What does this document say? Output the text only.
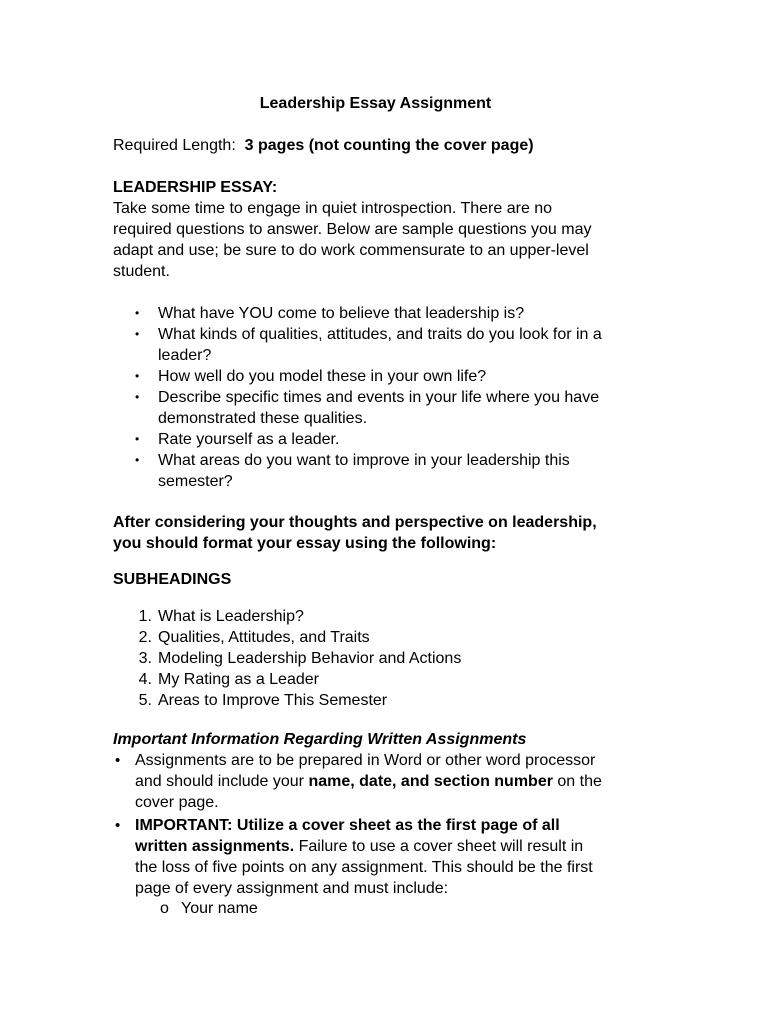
Leadership Essay Assignment
Required Length: 3 pages (not counting the cover page)
LEADERSHIP ESSAY:
Take some time to engage in quiet introspection. There are no
required questions to answer. Below are sample questions you may
adapt and use; be sure to do work commensurate to an upper-level
student.
• What have YOU come to believe that leadership is?
• What kinds of qualities, attitudes, and traits do you look for in a
leader?
• How well do you model these in your own life?
• Describe specific times and events in your life where you have
demonstrated these qualities.
• Rate yourself as a leader.
• What areas do you want to improve in your leadership this
semester?
After considering your thoughts and perspective on leadership,
you should format your essay using the following:
SUBHEADINGS
1. What is Leadership?
2. Qualities, Attitudes, and Traits
3. Modeling Leadership Behavior and Actions
4. My Rating as a Leader
5. Areas to Improve This Semester
Important Information Regarding Written Assignments
• Assignments are to be prepared in Word or other word processor
and should include your name, date, and section number on the
cover page.
• IMPORTANT: Utilize a cover sheet as the first page of all
written assignments. Failure to use a cover sheet will result in
the loss of five points on any assignment. This should be the first
page of every assignment and must include:
o Your name
